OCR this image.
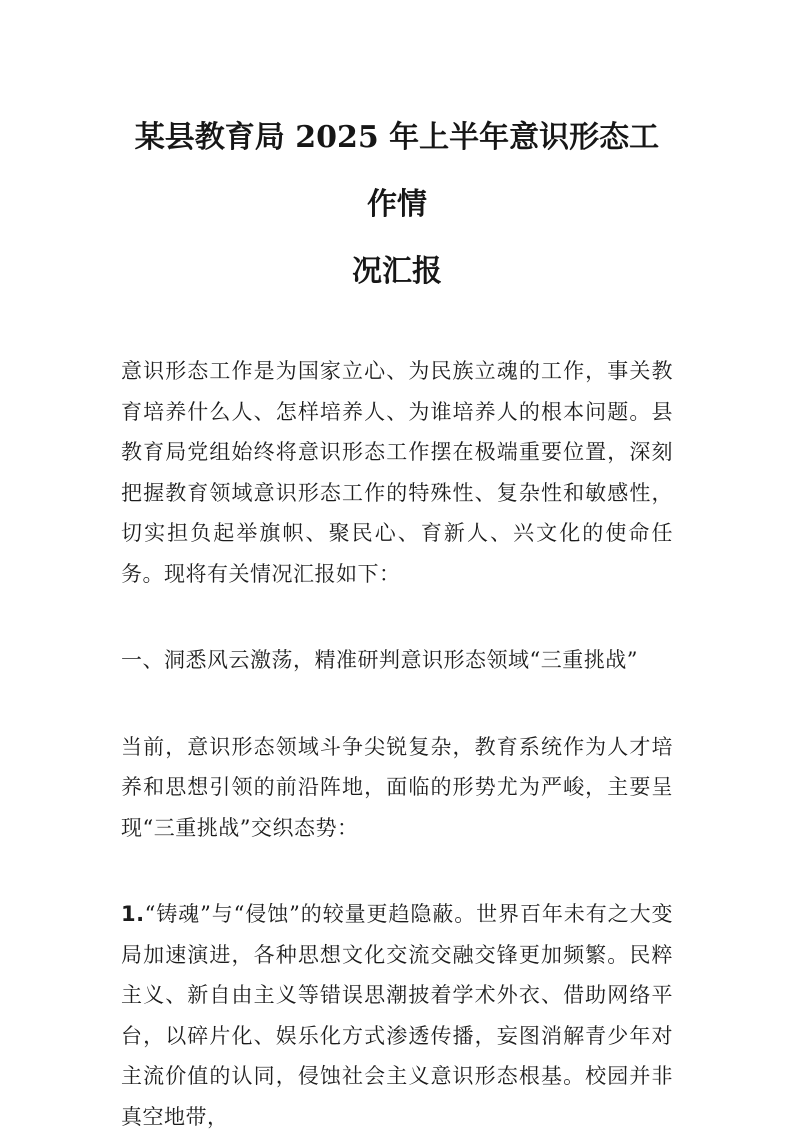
某县教育局 2025 年上半年意识形态工作情
况汇报

意识形态工作是为国家立心、为民族立魂的工作，事关教育培养什么人、怎样培养人、为谁培养人的根本问题。县教育局党组始终将意识形态工作摆在极端重要位置，深刻把握教育领域意识形态工作的特殊性、复杂性和敏感性，切实担负起举旗帜、聚民心、育新人、兴文化的使命任务。现将有关情况汇报如下：

一、洞悉风云激荡，精准研判意识形态领域“三重挑战”

当前，意识形态领域斗争尖锐复杂，教育系统作为人才培养和思想引领的前沿阵地，面临的形势尤为严峻，主要呈现“三重挑战”交织态势：

1.“铸魂”与“侵蚀”的较量更趋隐蔽。世界百年未有之大变局加速演进，各种思想文化交流交融交锋更加频繁。民粹主义、新自由主义等错误思潮披着学术外衣、借助网络平台，以碎片化、娱乐化方式渗透传播，妄图消解青少年对主流价值的认同，侵蚀社会主义意识形态根基。校园并非真空地带，
